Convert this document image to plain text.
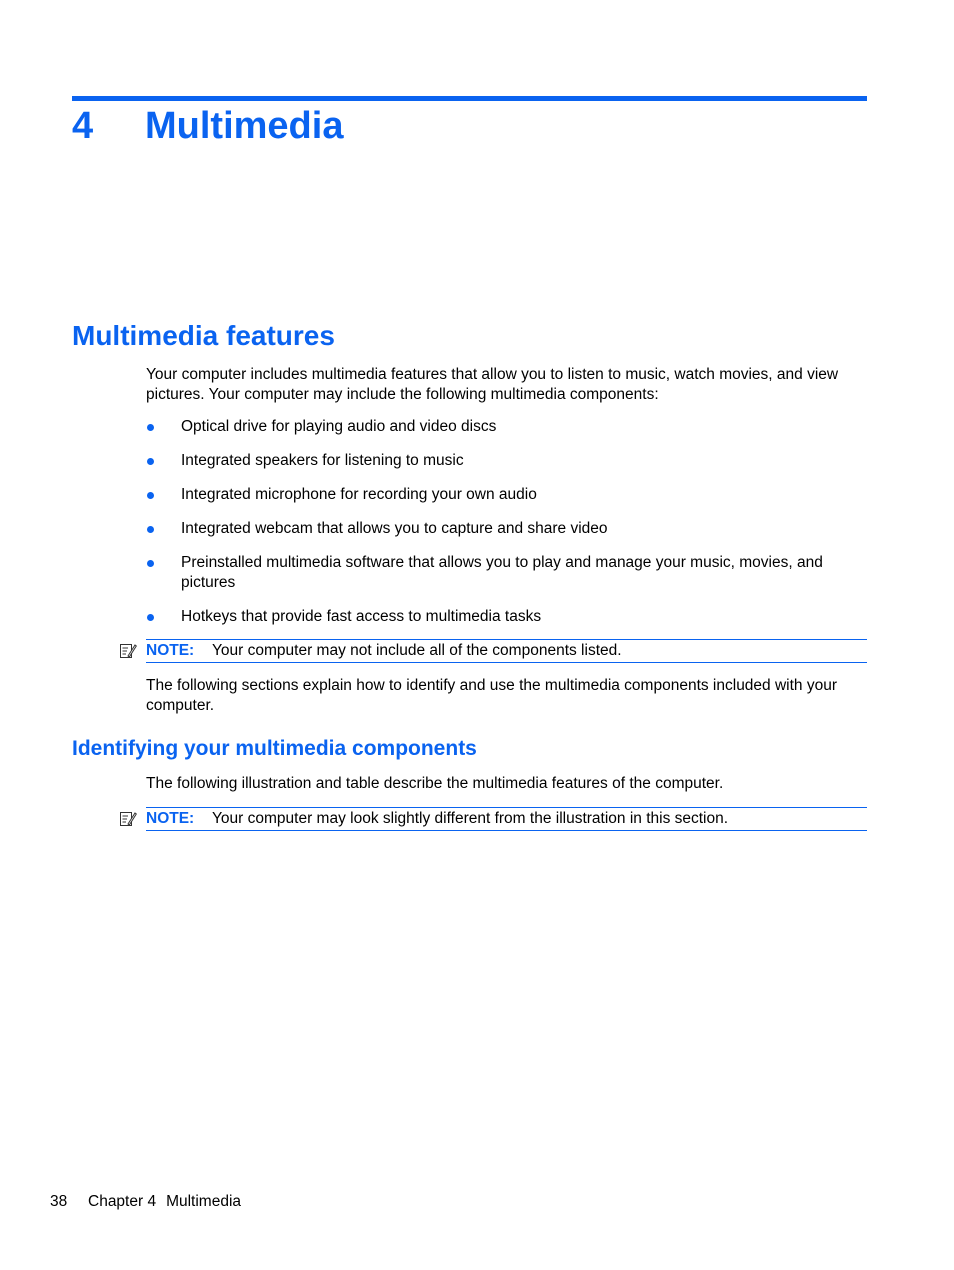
4	Multimedia
Multimedia features

Your computer includes multimedia features that allow you to listen to music, watch movies, and view pictures. Your computer may include the following multimedia components:

Optical drive for playing audio and video discs
Integrated speakers for listening to music
Integrated microphone for recording your own audio
Integrated webcam that allows you to capture and share video
Preinstalled multimedia software that allows you to play and manage your music, movies, and pictures
Hotkeys that provide fast access to multimedia tasks
NOTE:	Your computer may not include all of the components listed.

The following sections explain how to identify and use the multimedia components included with your computer.

Identifying your multimedia components

The following illustration and table describe the multimedia features of the computer.

NOTE:	Your computer may look slightly different from the illustration in this section.
38	Chapter 4 Multimedia
